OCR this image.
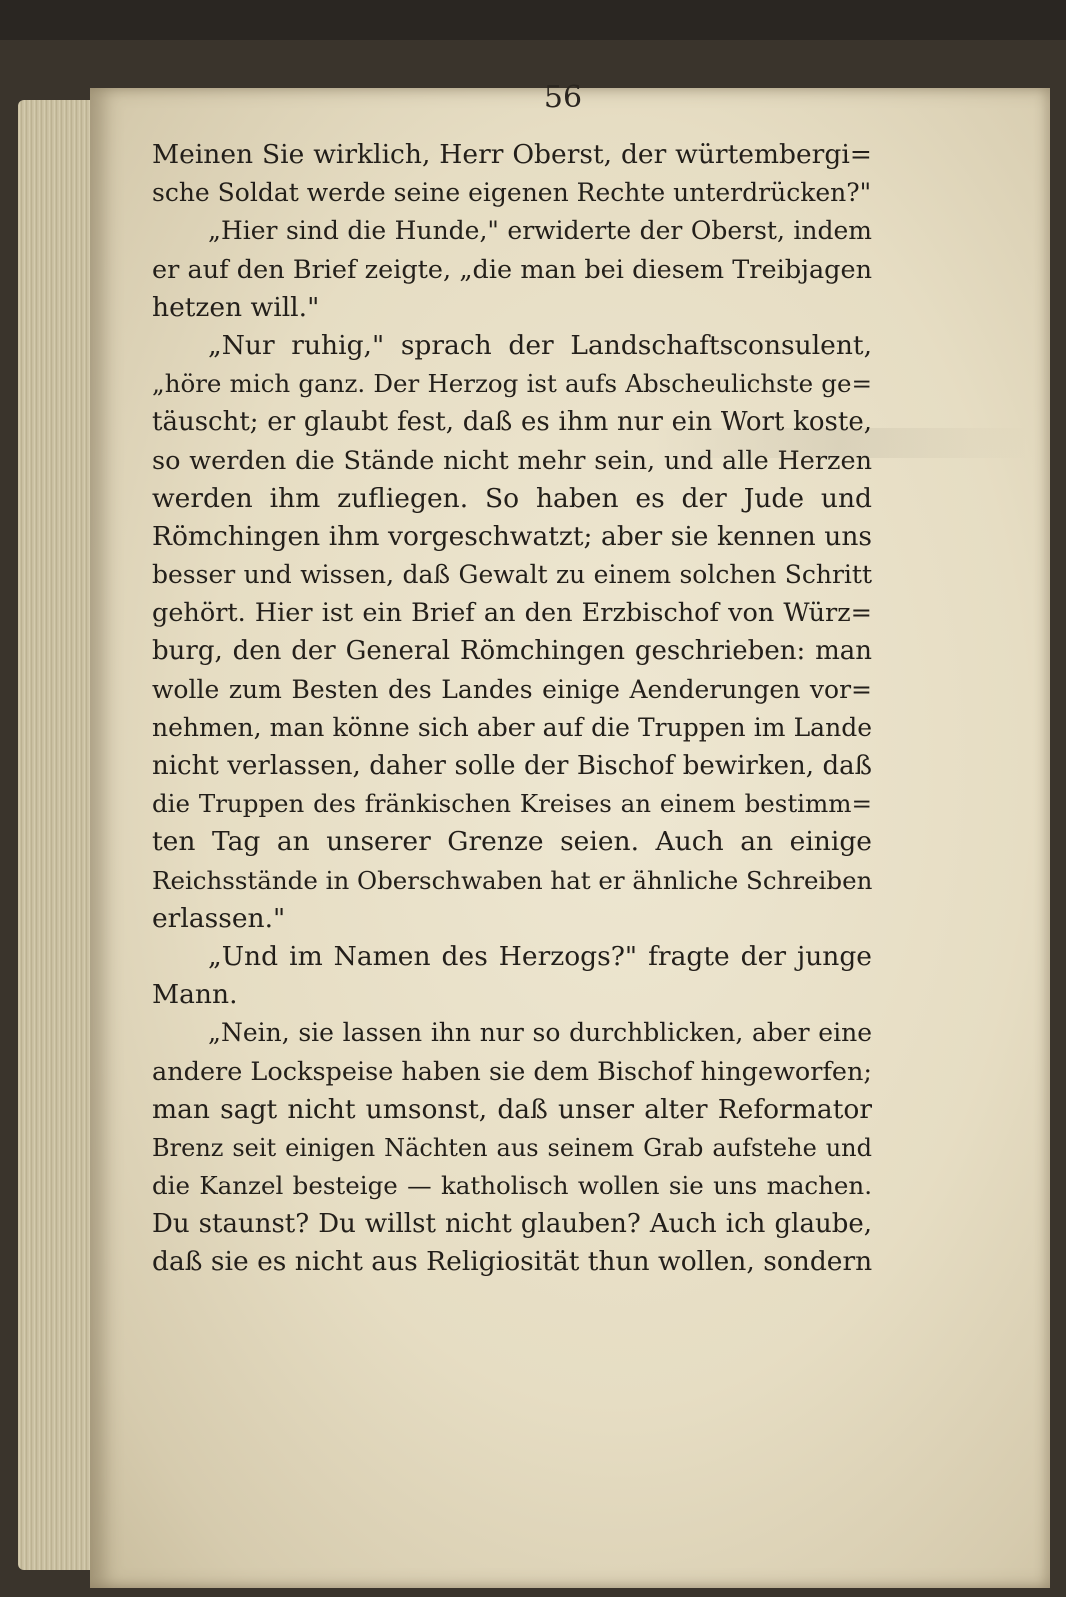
56
Meinen Sie wirklich, Herr Oberst, der würtembergi=
sche Soldat werde seine eigenen Rechte unterdrücken?"
„Hier sind die Hunde," erwiderte der Oberst, indem
er auf den Brief zeigte, „die man bei diesem Treibjagen
hetzen will."
„Nur ruhig," sprach der Landschaftsconsulent,
„höre mich ganz. Der Herzog ist aufs Abscheulichste ge=
täuscht; er glaubt fest, daß es ihm nur ein Wort koste,
so werden die Stände nicht mehr sein, und alle Herzen
werden ihm zufliegen. So haben es der Jude und
Römchingen ihm vorgeschwatzt; aber sie kennen uns
besser und wissen, daß Gewalt zu einem solchen Schritt
gehört. Hier ist ein Brief an den Erzbischof von Würz=
burg, den der General Römchingen geschrieben: man
wolle zum Besten des Landes einige Aenderungen vor=
nehmen, man könne sich aber auf die Truppen im Lande
nicht verlassen, daher solle der Bischof bewirken, daß
die Truppen des fränkischen Kreises an einem bestimm=
ten Tag an unserer Grenze seien. Auch an einige
Reichsstände in Oberschwaben hat er ähnliche Schreiben
erlassen."
„Und im Namen des Herzogs?" fragte der junge
Mann.
„Nein, sie lassen ihn nur so durchblicken, aber eine
andere Lockspeise haben sie dem Bischof hingeworfen;
man sagt nicht umsonst, daß unser alter Reformator
Brenz seit einigen Nächten aus seinem Grab aufstehe und
die Kanzel besteige — katholisch wollen sie uns machen.
Du staunst? Du willst nicht glauben? Auch ich glaube,
daß sie es nicht aus Religiosität thun wollen, sondern
